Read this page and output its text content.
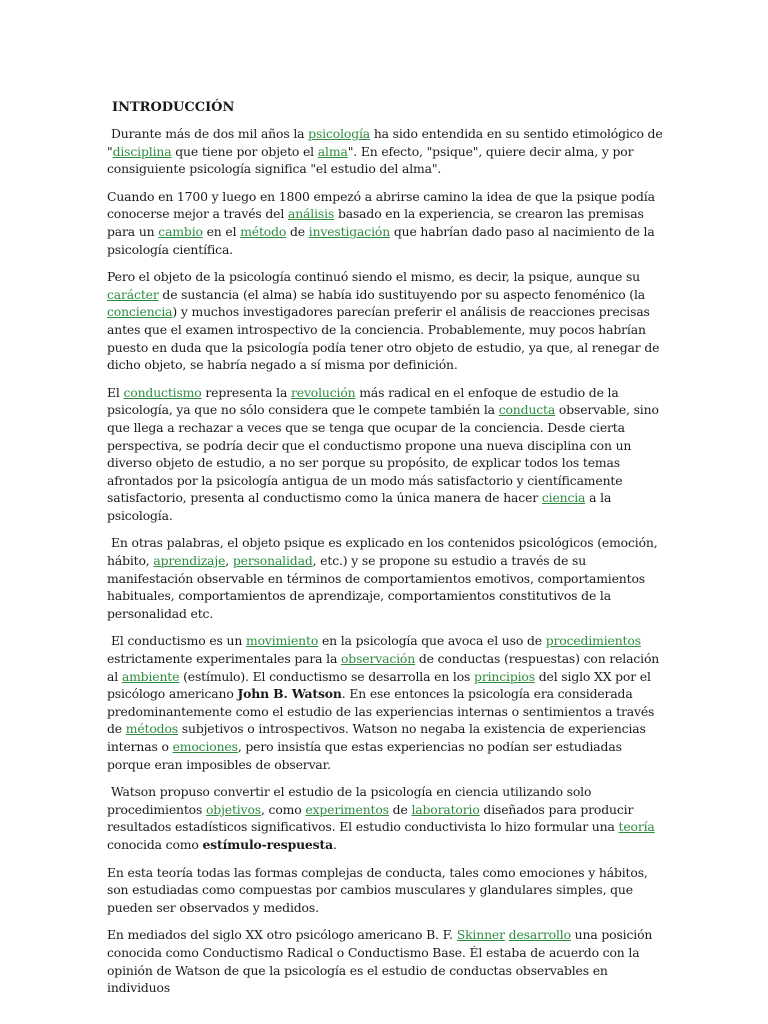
INTRODUCCIÓN

Durante más de dos mil años la psicología ha sido entendida en su sentido etimológico de "disciplina que tiene por objeto el alma". En efecto, "psique", quiere decir alma, y por consiguiente psicología significa "el estudio del alma".

Cuando en 1700 y luego en 1800 empezó a abrirse camino la idea de que la psique podía conocerse mejor a través del análisis basado en la experiencia, se crearon las premisas para un cambio en el método de investigación que habrían dado paso al nacimiento de la psicología científica.

Pero el objeto de la psicología continuó siendo el mismo, es decir, la psique, aunque su carácter de sustancia (el alma) se había ido sustituyendo por su aspecto fenoménico (la conciencia) y muchos investigadores parecían preferir el análisis de reacciones precisas antes que el examen introspectivo de la conciencia. Probablemente, muy pocos habrían puesto en duda que la psicología podía tener otro objeto de estudio, ya que, al renegar de dicho objeto, se habría negado a sí misma por definición.

El conductismo representa la revolución más radical en el enfoque de estudio de la psicología, ya que no sólo considera que le compete también la conducta observable, sino que llega a rechazar a veces que se tenga que ocupar de la conciencia. Desde cierta perspectiva, se podría decir que el conductismo propone una nueva disciplina con un diverso objeto de estudio, a no ser porque su propósito, de explicar todos los temas afrontados por la psicología antigua de un modo más satisfactorio y científicamente satisfactorio, presenta al conductismo como la única manera de hacer ciencia a la psicología.

En otras palabras, el objeto psique es explicado en los contenidos psicológicos (emoción, hábito, aprendizaje, personalidad, etc.) y se propone su estudio a través de su manifestación observable en términos de comportamientos emotivos, comportamientos habituales, comportamientos de aprendizaje, comportamientos constitutivos de la personalidad etc.

El conductismo es un movimiento en la psicología que avoca el uso de procedimientos estrictamente experimentales para la observación de conductas (respuestas) con relación al ambiente (estímulo). El conductismo se desarrolla en los principios del siglo XX por el psicólogo americano John B. Watson. En ese entonces la psicología era considerada predominantemente como el estudio de las experiencias internas o sentimientos a través de métodos subjetivos o introspectivos. Watson no negaba la existencia de experiencias internas o emociones, pero insistía que estas experiencias no podían ser estudiadas porque eran imposibles de observar.

Watson propuso convertir el estudio de la psicología en ciencia utilizando solo procedimientos objetivos, como experimentos de laboratorio diseñados para producir resultados estadísticos significativos. El estudio conductivista lo hizo formular una teoría conocida como estímulo-respuesta.

En esta teoría todas las formas complejas de conducta, tales como emociones y hábitos, son estudiadas como compuestas por cambios musculares y glandulares simples, que pueden ser observados y medidos.

En mediados del siglo XX otro psicólogo americano B. F. Skinner desarrollo una posición conocida como Conductismo Radical o Conductismo Base. Él estaba de acuerdo con la opinión de Watson de que la psicología es el estudio de conductas observables en individuos
